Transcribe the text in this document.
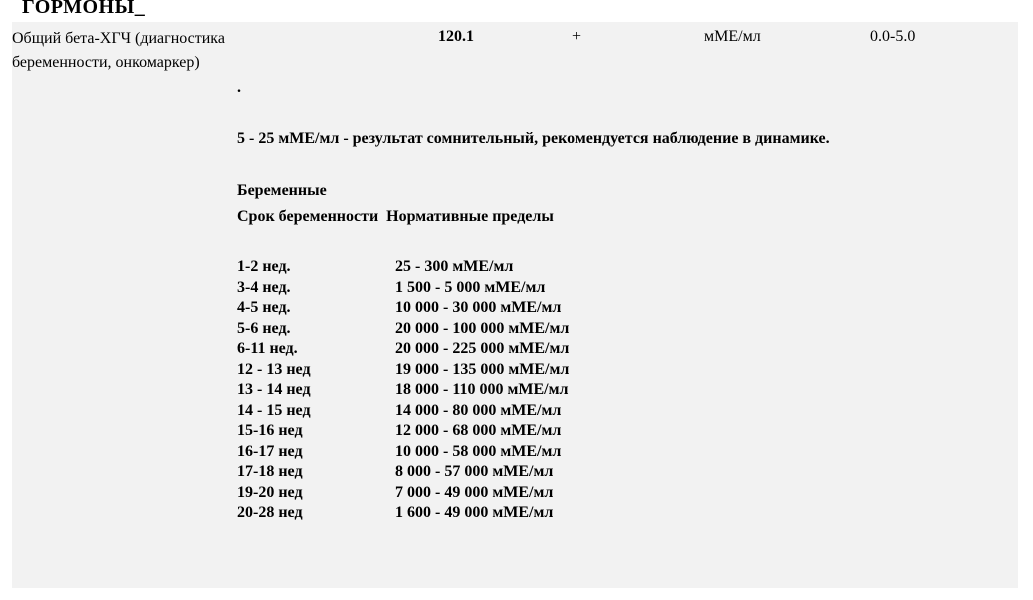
ГОРМОНЫ_
Общий бета-ХГЧ (диагностика беременности, онкомаркер)
120.1	+	мМЕ/мл	0.0-5.0
.
5 - 25 мМЕ/мл - результат сомнительный, рекомендуется наблюдение в динамике.
Беременные
Срок беременности  Нормативные пределы
1-2 нед.	25 - 300 мМЕ/мл
3-4 нед.	1 500 - 5 000 мМЕ/мл
4-5 нед.	10 000 - 30 000 мМЕ/мл
5-6 нед.	20 000 - 100 000 мМЕ/мл
6-11 нед.	20 000 - 225 000 мМЕ/мл
12 - 13 нед	19 000 - 135 000 мМЕ/мл
13 - 14 нед	18 000 - 110 000 мМЕ/мл
14 - 15 нед	14 000 - 80 000 мМЕ/мл
15-16 нед	12 000 - 68 000 мМЕ/мл
16-17 нед	10 000 - 58 000 мМЕ/мл
17-18 нед	8 000 - 57 000 мМЕ/мл
19-20 нед	7 000 - 49 000 мМЕ/мл
20-28 нед	1 600 - 49 000 мМЕ/мл
